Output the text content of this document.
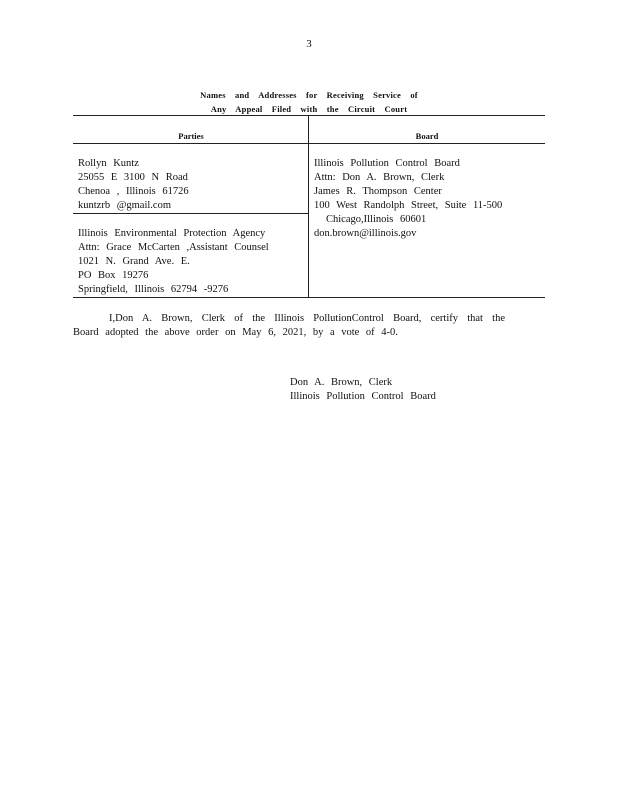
3
Names and Addresses for Receiving Service of
Any Appeal Filed with the Circuit Court
Parties	Board
Rollyn Kuntz
25055 E 3100 N Road
Chenoa , Illinois 61726
kuntzrb @gmail.com
Illinois Environmental Protection Agency
Attn: Grace McCarten ,Assistant Counsel
1021 N. Grand Ave. E.
PO Box 19276
Springfield, Illinois 62794 -9276
Illinois Pollution Control Board
Attn: Don A. Brown, Clerk
James R. Thompson Center
100 West Randolph Street, Suite 11-500
Chicago,Illinois 60601
don.brown@illinois.gov
I,Don A. Brown, Clerk of the Illinois PollutionControl Board, certify that the Board adopted the above order on May 6, 2021, by a vote of 4-0.
Don A. Brown, Clerk
Illinois Pollution Control Board
